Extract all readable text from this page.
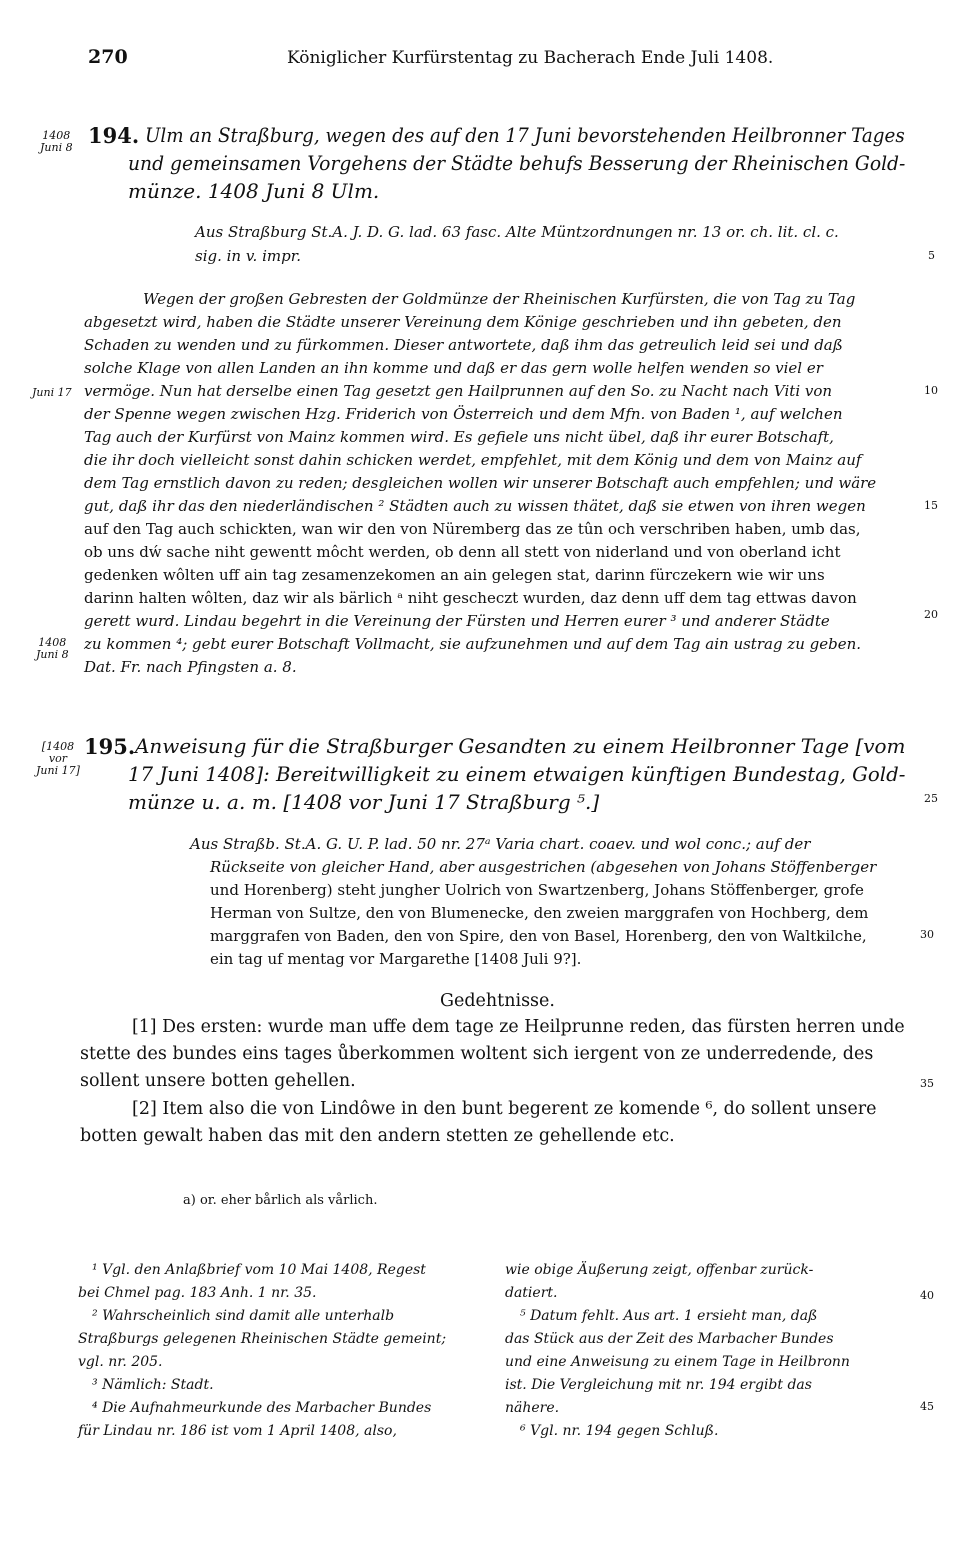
270	Königlicher Kurfürstentag zu Bacherach Ende Juli 1408.
1408
Juni 8 194. Ulm an Straßburg, wegen des auf den 17 Juni bevorstehenden Heilbronner Tages
und gemeinsamen Vorgehens der Städte behufs Besserung der Rheinischen Gold-
münze. 1408 Juni 8 Ulm.
Aus Straßburg St.A. J. D. G. lad. 63 fasc. Alte Müntzordnungen nr. 13 or. ch. lit. cl. c.
sig. in v. impr.	5
Wegen der großen Gebresten der Goldmünze der Rheinischen Kurfürsten, die von Tag zu Tag
abgesetzt wird, haben die Städte unserer Vereinung dem Könige geschrieben und ihn gebeten, den
Schaden zu wenden und zu fürkommen. Dieser antwortete, daß ihm das getreulich leid sei und daß
solche Klage von allen Landen an ihn komme und daß er das gern wolle helfen wenden so viel er
vermöge. Nun hat derselbe einen Tag gesetzt gen Hailprunnen auf den So. zu Nacht nach Viti von
der Spenne wegen zwischen Hzg. Friderich von Österreich und dem Mfn. von Baden ¹, auf welchen
Tag auch der Kurfürst von Mainz kommen wird. Es gefiele uns nicht übel, daß ihr eurer Botschaft,
die ihr doch vielleicht sonst dahin schicken werdet, empfehlet, mit dem König und dem von Mainz auf
dem Tag ernstlich davon zu reden; desgleichen wollen wir unserer Botschaft auch empfehlen; und wäre
gut, daß ihr das den niederländischen ² Städten auch zu wissen thätet, daß sie etwen von ihren wegen
auf den Tag auch schickten, wan wir den von Nüremberg das ze tûn och verschriben haben, umb das,
ob uns dẃ sache niht gewentt môcht werden, ob denn all stett von niderland und von oberland icht
gedenken wôlten uff ain tag zesamenzekomen an ain gelegen stat, darinn fürczekern wie wir uns
darinn halten wôlten, daz wir als bärlich ᵃ niht gescheczt wurden, daz denn uff dem tag ettwas davon
gerett wurd. Lindau begehrt in die Vereinung der Fürsten und Herren eurer ³ und anderer Städte
zu kommen ⁴; gebt eurer Botschaft Vollmacht, sie aufzunehmen und auf dem Tag ain ustrag zu geben.
Dat. Fr. nach Pfingsten a. 8.
Juni 17
1408
Juni 8
10
15
20
[1408
vor
Juni 17]
195. Anweisung für die Straßburger Gesandten zu einem Heilbronner Tage [vom
17 Juni 1408]: Bereitwilligkeit zu einem etwaigen künftigen Bundestag, Gold-
münze u. a. m. [1408 vor Juni 17 Straßburg ⁵.]	25
Aus Straßb. St.A. G. U. P. lad. 50 nr. 27ᵃ Varia chart. coaev. und wol conc.; auf der
Rückseite von gleicher Hand, aber ausgestrichen (abgesehen von Johans Stöffenberger
und Horenberg) steht jungher Uolrich von Swartzenberg, Johans Stöffenberger, grofe
Herman von Sultze, den von Blumenecke, den zweien marggrafen von Hochberg, dem
marggrafen von Baden, den von Spire, den von Basel, Horenberg, den von Waltkilche,
ein tag uf mentag vor Margarethe [1408 Juli 9?].
30
Gedehtnisse.
[1] Des ersten: wurde man uffe dem tage ze Heilprunne reden, das fürsten herren unde
stette des bundes eins tages ůberkommen woltent sich iergent von ze underredende, des
sollent unsere botten gehellen.
[2] Item also die von Lindôwe in den bunt begerent ze komende ⁶, do sollent unsere
botten gewalt haben das mit den andern stetten ze gehellende etc.
35
a) or. eher bårlich als vårlich.
¹ Vgl. den Anlaßbrief vom 10 Mai 1408, Regest
bei Chmel pag. 183 Anh. 1 nr. 35.
² Wahrscheinlich sind damit alle unterhalb
Straßburgs gelegenen Rheinischen Städte gemeint;
vgl. nr. 205.
³ Nämlich: Stadt.
⁴ Die Aufnahmeurkunde des Marbacher Bundes
für Lindau nr. 186 ist vom 1 April 1408, also,
wie obige Äußerung zeigt, offenbar zurück-
datiert.
⁵ Datum fehlt. Aus art. 1 ersieht man, daß
das Stück aus der Zeit des Marbacher Bundes
und eine Anweisung zu einem Tage in Heilbronn
ist. Die Vergleichung mit nr. 194 ergibt das
nähere.
⁶ Vgl. nr. 194 gegen Schluß.
40
45
